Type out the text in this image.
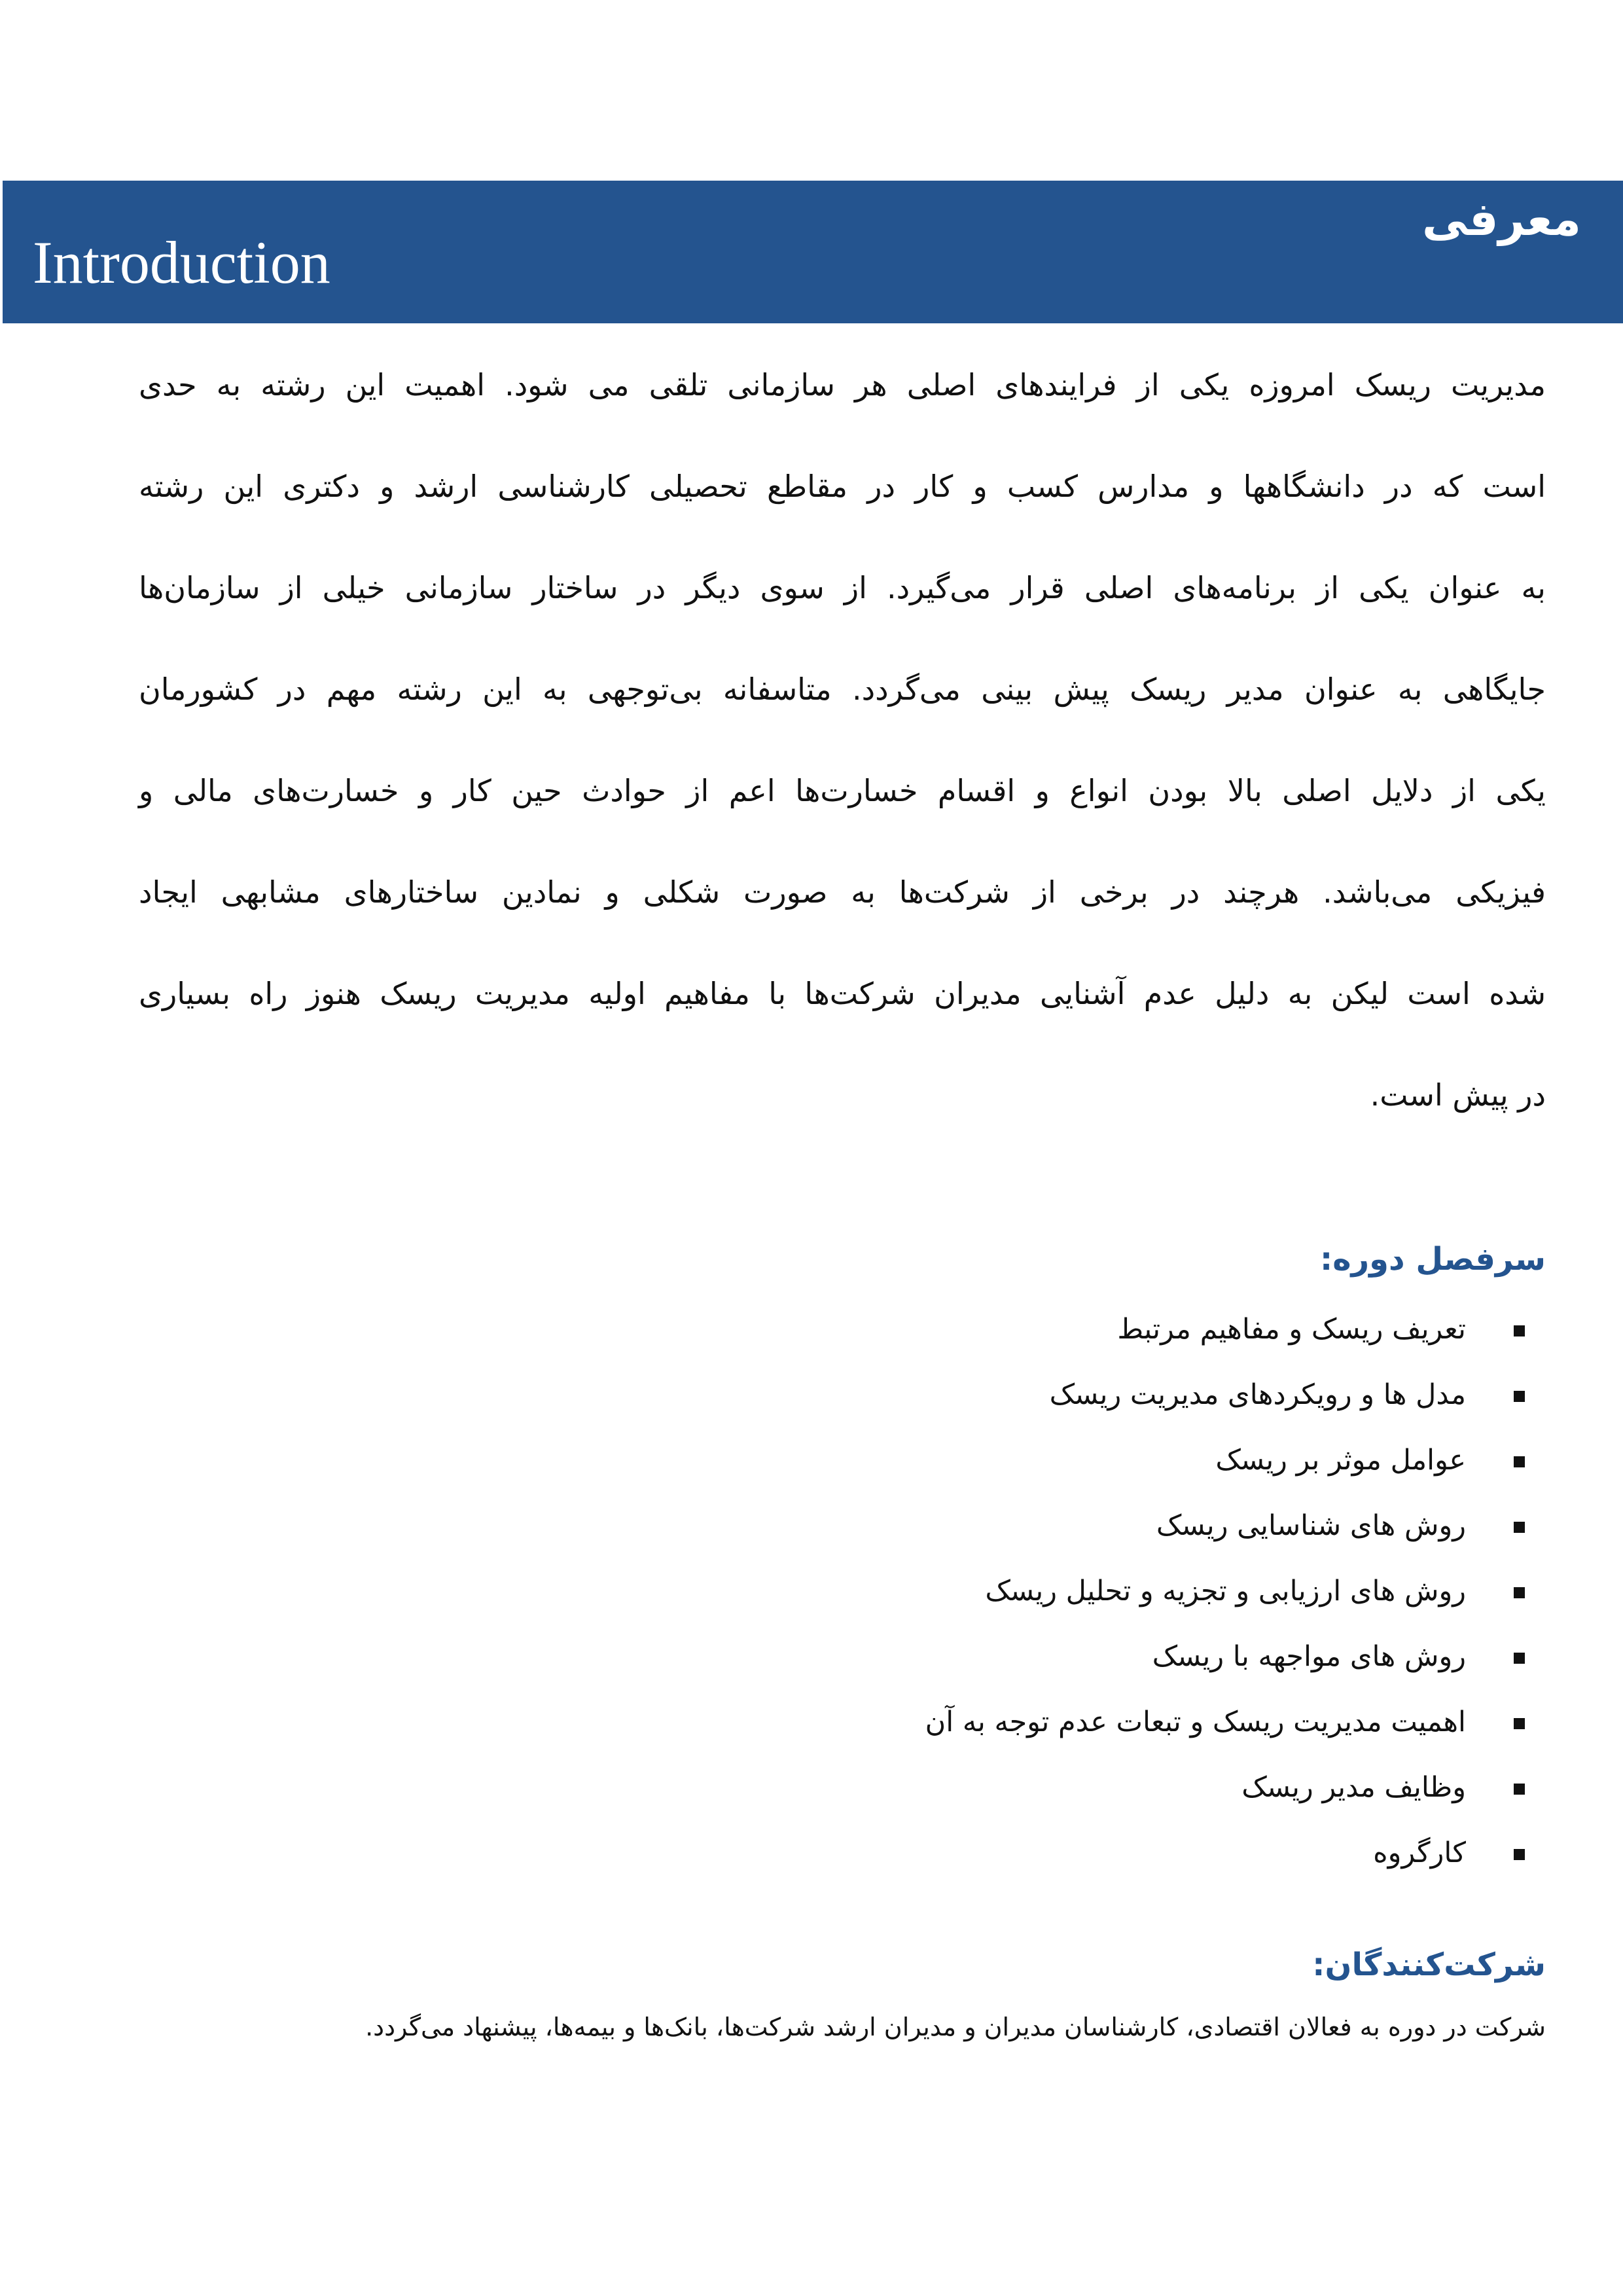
Introduction
معرفی
مدیریت ریسک امروزه یکی از فرایندهای اصلی هر سازمانی تلقی می شود. اهمیت این رشته به حدی
است که در دانشگاهها و مدارس کسب و کار در مقاطع تحصیلی کارشناسی ارشد و دکتری این رشته
به عنوان یکی از برنامه‌های اصلی قرار می‌گیرد. از سوی دیگر در ساختار سازمانی خیلی از سازمان‌ها
جایگاهی به عنوان مدیر ریسک پیش بینی می‌گردد. متاسفانه بی‌توجهی به این رشته مهم در کشورمان
یکی از دلایل اصلی بالا بودن انواع و اقسام خسارت‌ها اعم از حوادث حین کار و خسارت‌های مالی و
فیزیکی می‌باشد. هرچند در برخی از شرکت‌ها به صورت شکلی و نمادین ساختارهای مشابهی ایجاد
شده است لیکن به دلیل عدم آشنایی مدیران شرکت‌ها با مفاهیم اولیه مدیریت ریسک هنوز راه بسیاری
در پیش است.
سرفصل دوره:
تعریف ریسک و مفاهیم مرتبط
مدل ها و رویکردهای مدیریت ریسک
عوامل موثر بر ریسک
روش های شناسایی ریسک
روش های ارزیابی و تجزیه و تحلیل ریسک
روش های مواجهه با ریسک
اهمیت مدیریت ریسک و تبعات عدم توجه به آن
وظایف مدیر ریسک
کارگروه
شرکت‌کنندگان:

شرکت در دوره به فعالان اقتصادی، کارشناسان مدیران و مدیران ارشد شرکت‌ها، بانک‌ها و بیمه‌ها، پیشنهاد می‌گردد.
